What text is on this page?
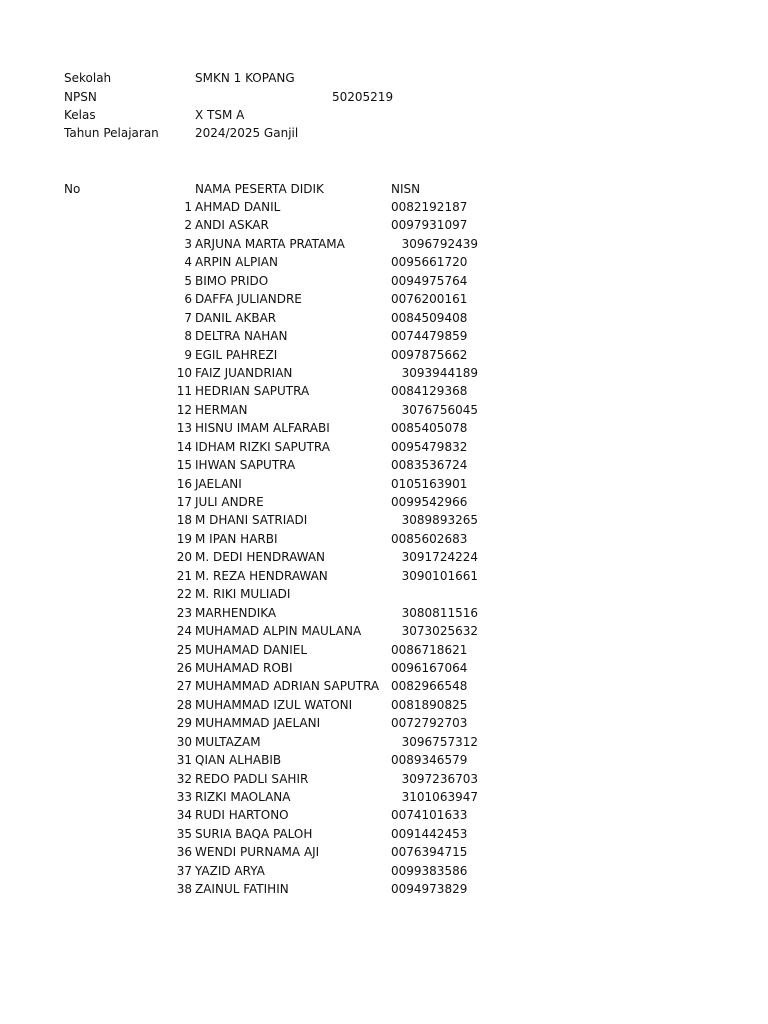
Sekolah	SMKN 1 KOPANG
NPSN	50205219
Kelas	X TSM A
Tahun Pelajaran	2024/2025 Ganjil
No	NAMA PESERTA DIDIK	NISN
1 AHMAD DANIL	0082192187
2 ANDI ASKAR	0097931097
3 ARJUNA MARTA PRATAMA	3096792439
4 ARPIN ALPIAN	0095661720
5 BIMO PRIDO	0094975764
6 DAFFA JULIANDRE	0076200161
7 DANIL AKBAR	0084509408
8 DELTRA NAHAN	0074479859
9 EGIL PAHREZI	0097875662
10 FAIZ JUANDRIAN	3093944189
11 HEDRIAN SAPUTRA	0084129368
12 HERMAN	3076756045
13 HISNU IMAM ALFARABI	0085405078
14 IDHAM RIZKI SAPUTRA	0095479832
15 IHWAN SAPUTRA	0083536724
16 JAELANI	0105163901
17 JULI ANDRE	0099542966
18 M DHANI SATRIADI	3089893265
19 M IPAN HARBI	0085602683
20 M. DEDI HENDRAWAN	3091724224
21 M. REZA HENDRAWAN	3090101661
22 M. RIKI MULIADI
23 MARHENDIKA	3080811516
24 MUHAMAD ALPIN MAULANA	3073025632
25 MUHAMAD DANIEL	0086718621
26 MUHAMAD ROBI	0096167064
27 MUHAMMAD ADRIAN SAPUTRA 0082966548
28 MUHAMMAD IZUL WATONI	0081890825
29 MUHAMMAD JAELANI	0072792703
30 MULTAZAM	3096757312
31 QIAN ALHABIB	0089346579
32 REDO PADLI SAHIR	3097236703
33 RIZKI MAOLANA	3101063947
34 RUDI HARTONO	0074101633
35 SURIA BAQA PALOH	0091442453
36 WENDI PURNAMA AJI	0076394715
37 YAZID ARYA	0099383586
38 ZAINUL FATIHIN	0094973829
